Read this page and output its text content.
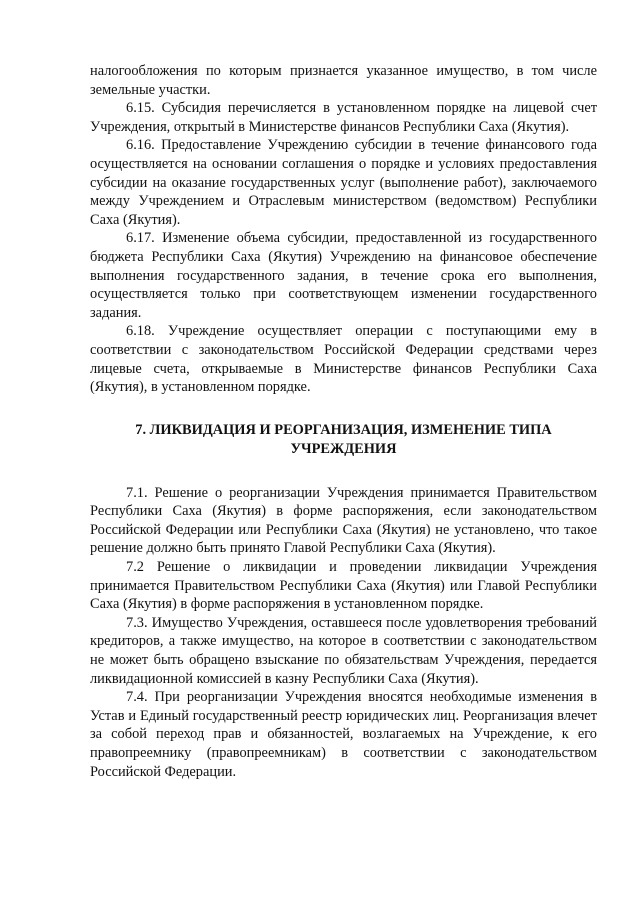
налогообложения по которым признается указанное имущество, в том числе земельные участки.

6.15. Субсидия перечисляется в установленном порядке на лицевой счет Учреждения, открытый в Министерстве финансов Республики Саха (Якутия).

6.16. Предоставление Учреждению субсидии в течение финансового года осуществляется на основании соглашения о порядке и условиях предоставления субсидии на оказание государственных услуг (выполнение работ), заключаемого между Учреждением и Отраслевым министерством (ведомством) Республики Саха (Якутия).

6.17. Изменение объема субсидии, предоставленной из государственного бюджета Республики Саха (Якутия) Учреждению на финансовое обеспечение выполнения государственного задания, в течение срока его выполнения, осуществляется только при соответствующем изменении государственного задания.

6.18. Учреждение осуществляет операции с поступающими ему в соответствии с законодательством Российской Федерации средствами через лицевые счета, открываемые в Министерстве финансов Республики Саха (Якутия), в установленном порядке.

7. ЛИКВИДАЦИЯ И РЕОРГАНИЗАЦИЯ, ИЗМЕНЕНИЕ ТИПА УЧРЕЖДЕНИЯ

7.1. Решение о реорганизации Учреждения принимается Правительством Республики Саха (Якутия) в форме распоряжения, если законодательством Российской Федерации или Республики Саха (Якутия) не установлено, что такое решение должно быть принято Главой Республики Саха (Якутия).

7.2 Решение о ликвидации и проведении ликвидации Учреждения принимается Правительством Республики Саха (Якутия) или Главой Республики Саха (Якутия) в форме распоряжения в установленном порядке.

7.3. Имущество Учреждения, оставшееся после удовлетворения требований кредиторов, а также имущество, на которое в соответствии с законодательством не может быть обращено взыскание по обязательствам Учреждения, передается ликвидационной комиссией в казну Республики Саха (Якутия).

7.4. При реорганизации Учреждения вносятся необходимые изменения в Устав и Единый государственный реестр юридических лиц. Реорганизация влечет за собой переход прав и обязанностей, возлагаемых на Учреждение, к его правопреемнику (правопреемникам) в соответствии с законодательством Российской Федерации.
